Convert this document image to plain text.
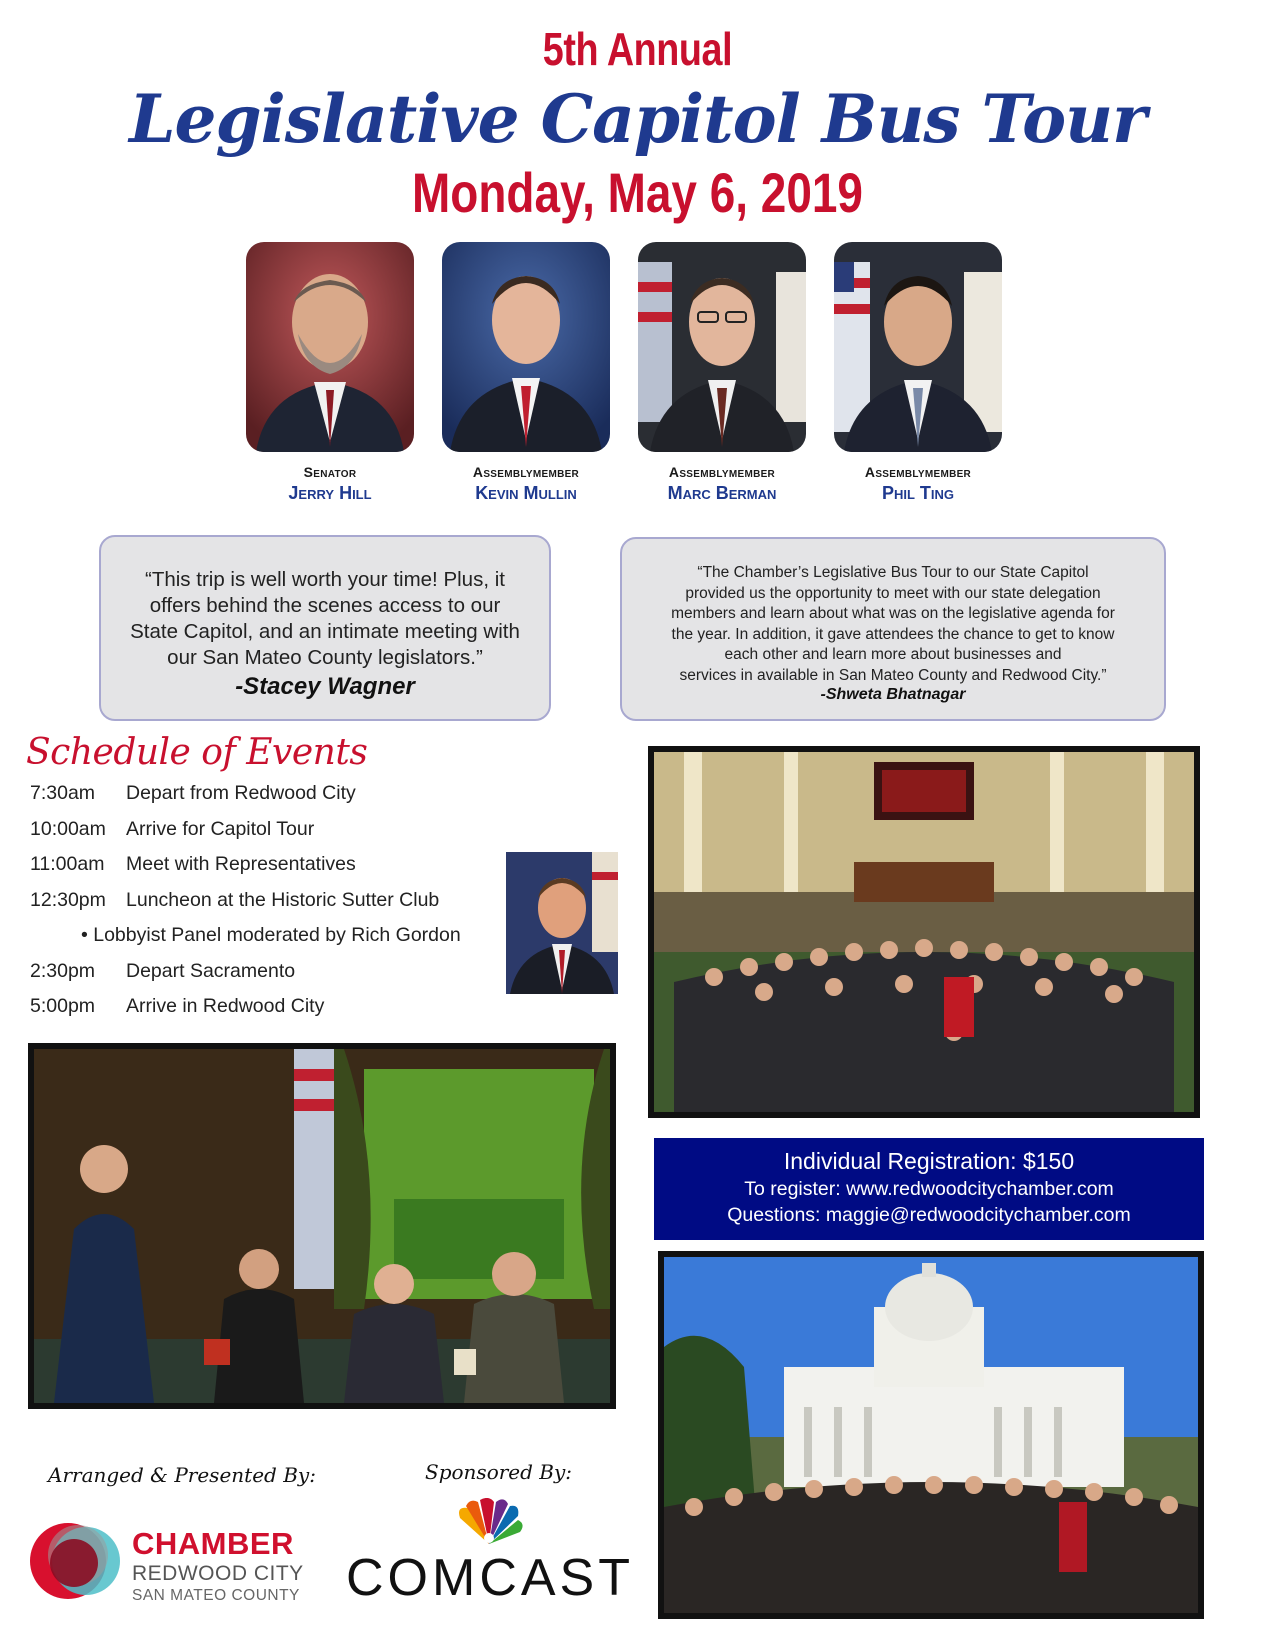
5th Annual
Legislative Capitol Bus Tour
Monday, May 6, 2019
Senator
Jerry Hill
Assemblymember
Kevin Mullin
Assemblymember
Marc Berman
Assemblymember
Phil Ting
“This trip is well worth your time! Plus, it
offers behind the scenes access to our
State Capitol, and an intimate meeting with
our San Mateo County legislators.”
-Stacey Wagner
“The Chamber’s Legislative Bus Tour to our State Capitol
provided us the opportunity to meet with our state delegation
members and learn about what was on the legislative agenda for
the year. In addition, it gave attendees the chance to get to know
each other and learn more about businesses and
services in available in San Mateo County and Redwood City.”
-Shweta Bhatnagar
Schedule of Events
7:30am	Depart from Redwood City
10:00am	Arrive for Capitol Tour
11:00am	Meet with Representatives
12:30pm	Luncheon at the Historic Sutter Club
• Lobbyist Panel moderated by Rich Gordon
2:30pm	Depart Sacramento
5:00pm	Arrive in Redwood City
Individual Registration: $150
To register: www.redwoodcitychamber.com
Questions: maggie@redwoodcitychamber.com
Arranged & Presented By:	Sponsored By:
CHAMBER
REDWOOD CITY
SAN MATEO COUNTY COMCAST
